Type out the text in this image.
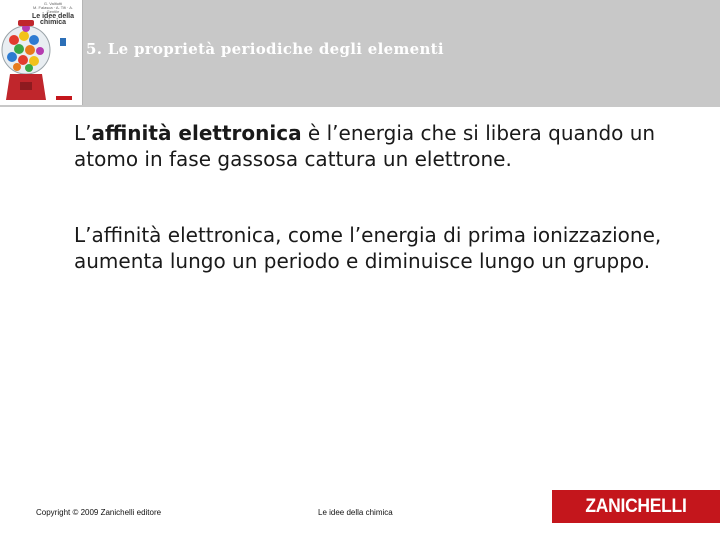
G. Valitutti
M. Falasca · A. Tifi · A. Gentile
Le idee della
chimica
5. Le proprietà periodiche degli elementi
L’affinità elettronica è l’energia che si libera quando un atomo in fase gassosa cattura un elettrone.
L’affinità elettronica, come l’energia di prima ionizzazione, aumenta lungo un periodo e diminuisce lungo un gruppo.
Copyright © 2009 Zanichelli editore	Le idee della chimica	ZANICHELLI
